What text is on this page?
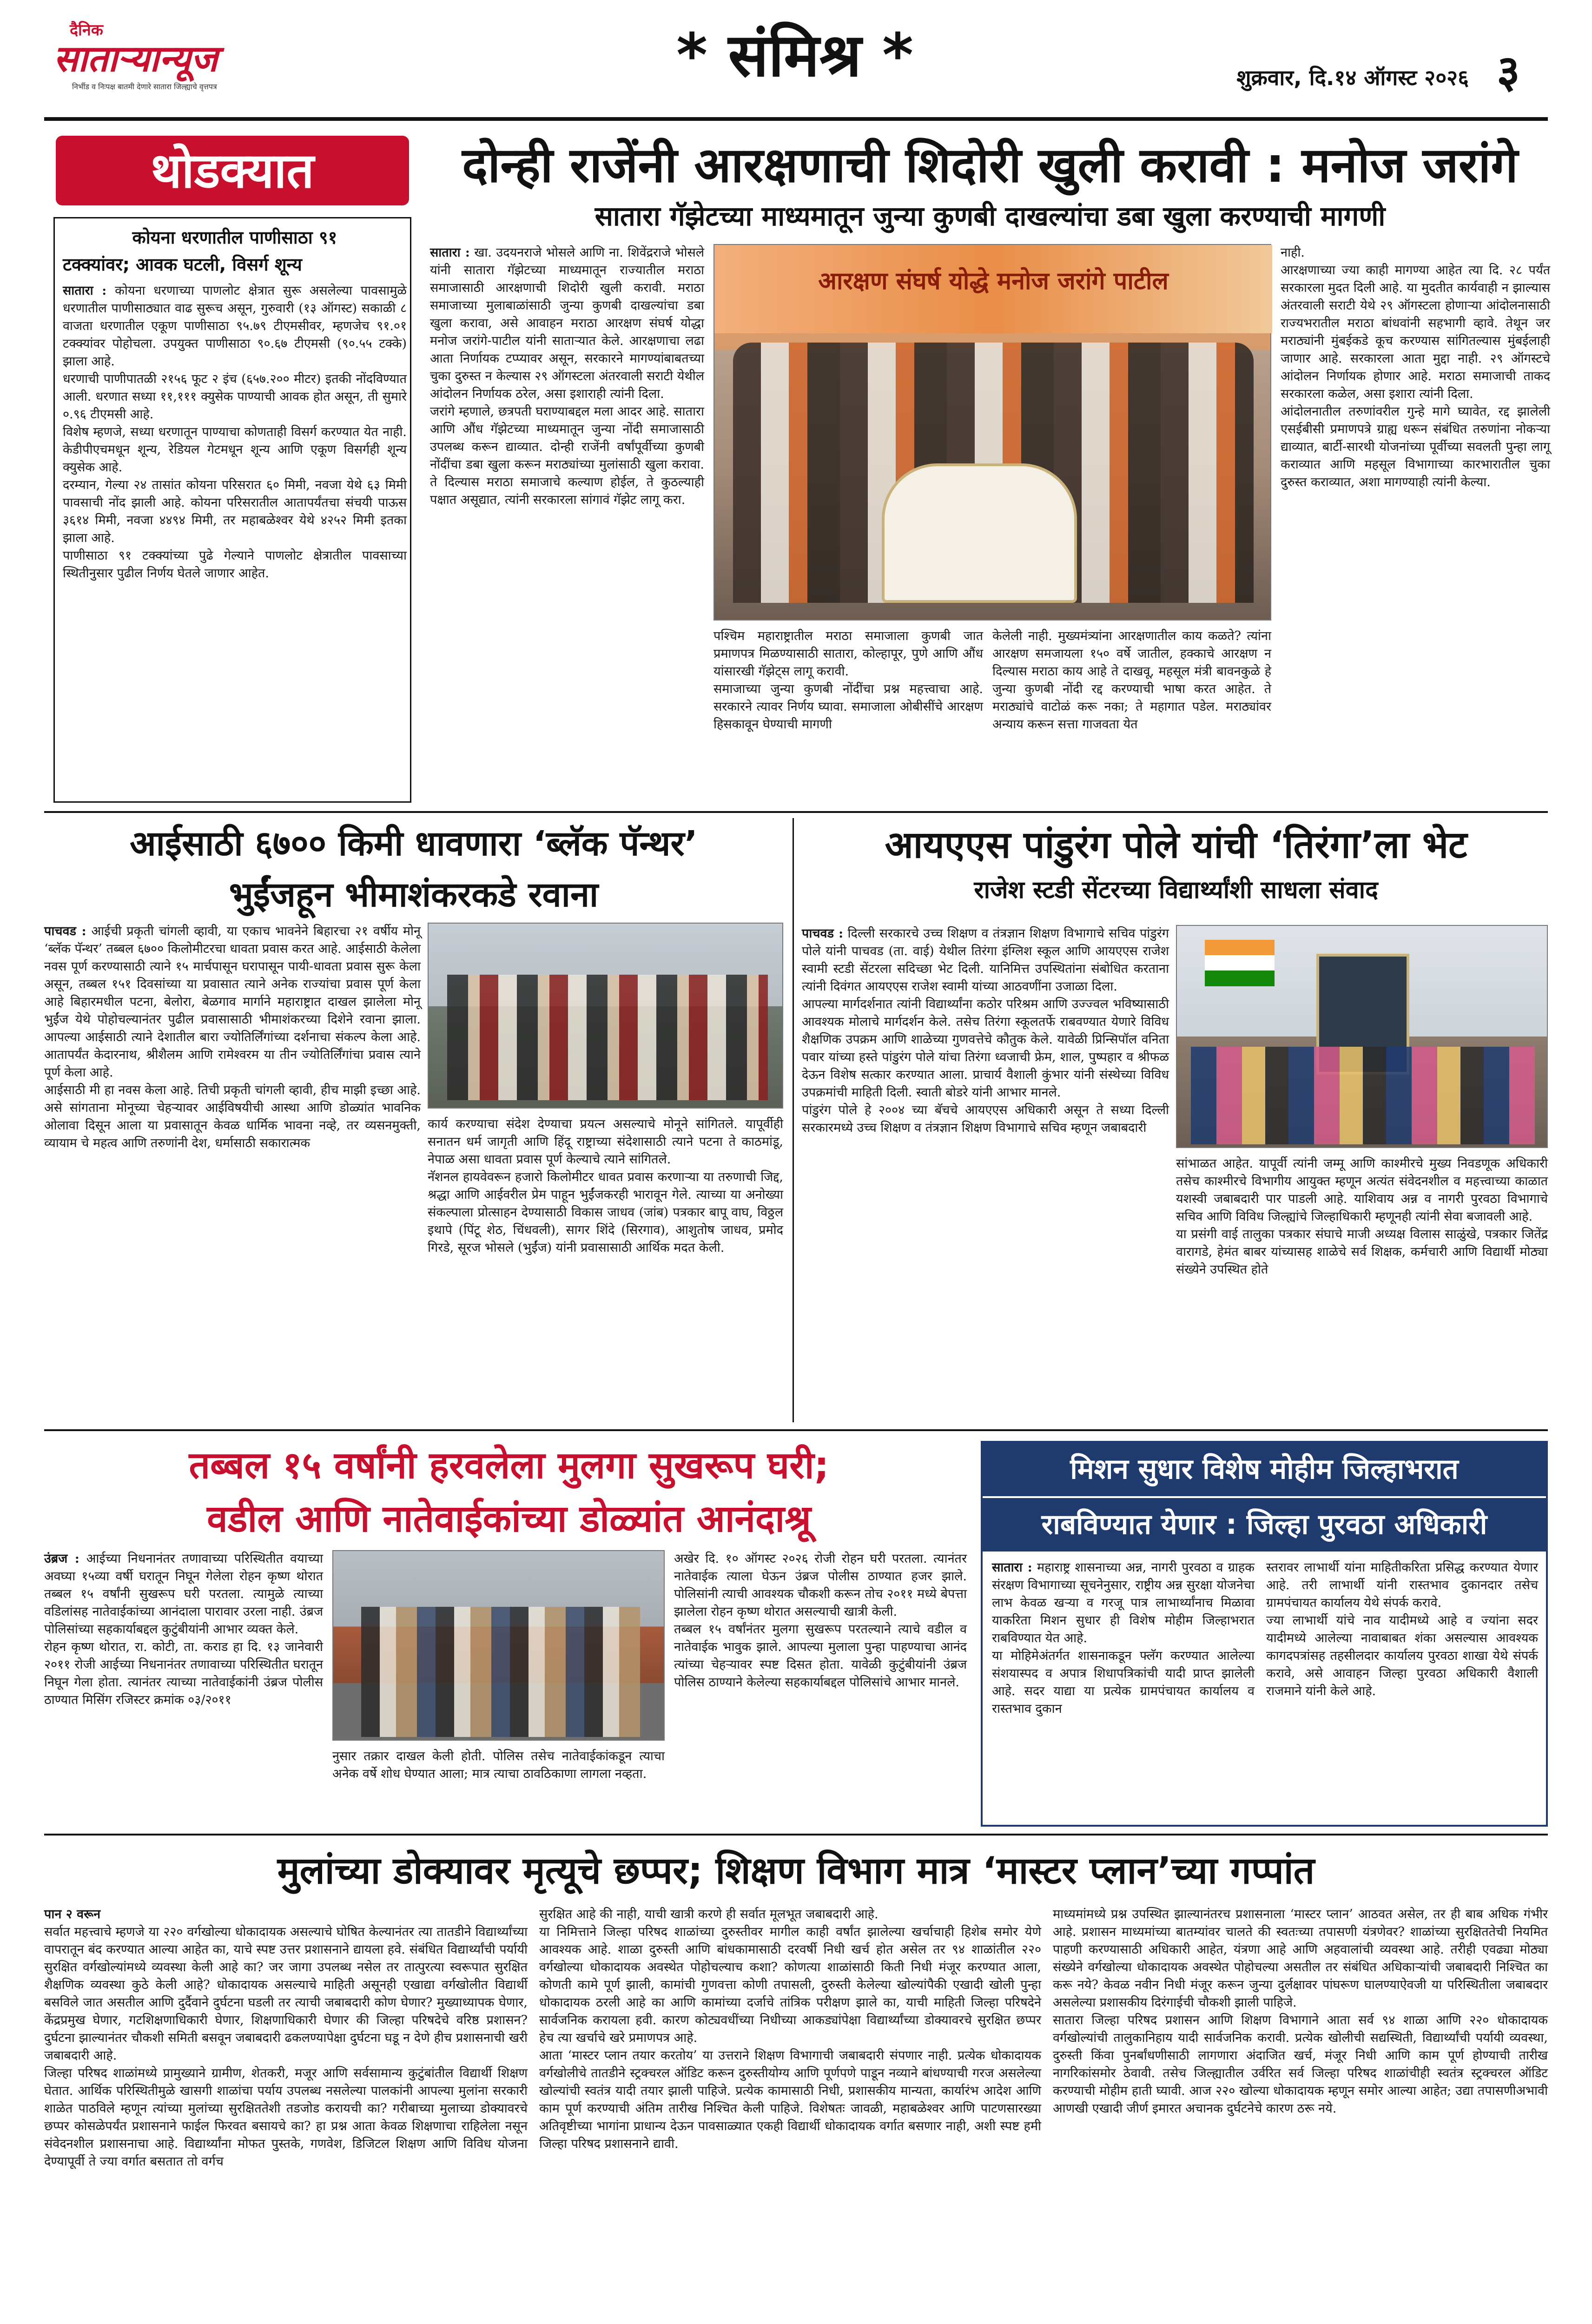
दैनिक
साताऱ्यान्यूज
निर्भीड व निःपक्ष बातमी देणारे सातारा जिल्ह्याचे वृत्तपत्र	* संमिश्र *	शुक्रवार, दि.१४ ऑगस्ट २०२६ ३
थोडक्यात
कोयना धरणातील पाणीसाठा ९१
टक्क्यांवर; आवक घटली, विसर्ग शून्य
सातारा : कोयना धरणाच्या पाणलोट क्षेत्रात सुरू असलेल्या पावसामुळे धरणातील पाणीसाठ्यात वाढ सुरूच असून, गुरुवारी (१३ ऑगस्ट) सकाळी ८ वाजता धरणातील एकूण पाणीसाठा ९५.७९ टीएमसीवर, म्हणजेच ९१.०१ टक्क्यांवर पोहोचला. उपयुक्त पाणीसाठा ९०.६७ टीएमसी (९०.५५ टक्के) झाला आहे.
धरणाची पाणीपातळी २१५६ फूट २ इंच (६५७.२०० मीटर) इतकी नोंदविण्यात आली. धरणात सध्या ११,१११ क्युसेक पाण्याची आवक होत असून, ती सुमारे ०.९६ टीएमसी आहे.
विशेष म्हणजे, सध्या धरणातून पाण्याचा कोणताही विसर्ग करण्यात येत नाही. केडीपीएचमधून शून्य, रेडियल गेटमधून शून्य आणि एकूण विसर्गही शून्य क्युसेक आहे.
दरम्यान, गेल्या २४ तासांत कोयना परिसरात ६० मिमी, नवजा येथे ६३ मिमी पावसाची नोंद झाली आहे. कोयना परिसरातील आतापर्यंतचा संचयी पाऊस ३६१४ मिमी, नवजा ४४९४ मिमी, तर महाबळेश्वर येथे ४२५२ मिमी इतका झाला आहे.
पाणीसाठा ९१ टक्क्यांच्या पुढे गेल्याने पाणलोट क्षेत्रातील पावसाच्या स्थितीनुसार पुढील निर्णय घेतले जाणार आहेत.
दोन्ही राजेंनी आरक्षणाची शिदोरी खुली करावी : मनोज जरांगे
सातारा गॅझेटच्या माध्यमातून जुन्या कुणबी दाखल्यांचा डबा खुला करण्याची मागणी
सातारा : खा. उदयनराजे भोसले आणि ना. शिवेंद्रराजे भोसले यांनी सातारा गॅझेटच्या माध्यमातून राज्यातील मराठा समाजासाठी आरक्षणाची शिदोरी खुली करावी. मराठा समाजाच्या मुलाबाळांसाठी जुन्या कुणबी दाखल्यांचा डबा खुला करावा, असे आवाहन मराठा आरक्षण संघर्ष योद्धा मनोज जरांगे-पाटील यांनी साताऱ्यात केले. आरक्षणाचा लढा आता निर्णायक टप्प्यावर असून, सरकारने मागण्यांबाबतच्या चुका दुरुस्त न केल्यास २९ ऑगस्टला अंतरवाली सराटी येथील आंदोलन निर्णायक ठरेल, असा इशाराही त्यांनी दिला.
जरांगे म्हणाले, छत्रपती घराण्याबद्दल मला आदर आहे. सातारा आणि औंध गॅझेटच्या माध्यमातून जुन्या नोंदी समाजासाठी उपलब्ध करून द्याव्यात. दोन्ही राजेंनी वर्षांपूर्वीच्या कुणबी नोंदींचा डबा खुला करून मराठ्यांच्या मुलांसाठी खुला करावा. ते दिल्यास मराठा समाजाचे कल्याण होईल, ते कुठल्याही पक्षात असूद्यात, त्यांनी सरकारला सांगावं गॅझेट लागू करा.
आरक्षण संघर्ष योद्धे मनोज जरांगे पाटील
पश्चिम महाराष्ट्रातील मराठा समाजाला कुणबी जात प्रमाणपत्र मिळण्यासाठी सातारा, कोल्हापूर, पुणे आणि औंध यांसारखी गॅझेट्स लागू करावी.
समाजाच्या जुन्या कुणबी नोंदींचा प्रश्न महत्त्वाचा आहे. सरकारने त्यावर निर्णय घ्यावा. समाजाला ओबीसींचे आरक्षण हिसकावून घेण्याची मागणी
केलेली नाही. मुख्यमंत्र्यांना आरक्षणातील काय कळते? त्यांना आरक्षण समजायला १५० वर्षे जातील, हक्काचे आरक्षण न दिल्यास मराठा काय आहे ते दाखवू, महसूल मंत्री बावनकुळे हे जुन्या कुणबी नोंदी रद्द करण्याची भाषा करत आहेत. ते मराठ्यांचे वाटोळं करू नका; ते महागात पडेल. मराठ्यांवर अन्याय करून सत्ता गाजवता येत
नाही.
आरक्षणाच्या ज्या काही मागण्या आहेत त्या दि. २८ पर्यंत सरकारला मुदत दिली आहे. या मुदतीत कार्यवाही न झाल्यास अंतरवाली सराटी येथे २९ ऑगस्टला होणाऱ्या आंदोलनासाठी राज्यभरातील मराठा बांधवांनी सहभागी व्हावे. तेथून जर मराठ्यांनी मुंबईकडे कूच करण्यास सांगितल्यास मुंबईलाही जाणार आहे. सरकारला आता मुद्दा नाही. २९ ऑगस्टचे आंदोलन निर्णायक होणार आहे. मराठा समाजाची ताकद सरकारला कळेल, असा इशारा त्यांनी दिला.
आंदोलनातील तरुणांवरील गुन्हे मागे घ्यावेत, रद्द झालेली एसईबीसी प्रमाणपत्रे ग्राह्य धरून संबंधित तरुणांना नोकऱ्या द्याव्यात, बार्टी-सारथी योजनांच्या पूर्वीच्या सवलती पुन्हा लागू कराव्यात आणि महसूल विभागाच्या कारभारातील चुका दुरुस्त कराव्यात, अशा मागण्याही त्यांनी केल्या.
आईसाठी ६७०० किमी धावणारा ‘ब्लॅक पॅन्थर’
भुईंजहून भीमाशंकरकडे रवाना
पाचवड : आईची प्रकृती चांगली व्हावी, या एकाच भावनेने बिहारचा २१ वर्षीय मोनू ‘ब्लॅक पॅन्थर’ तब्बल ६७०० किलोमीटरचा धावता प्रवास करत आहे. आईसाठी केलेला नवस पूर्ण करण्यासाठी त्याने १५ मार्चपासून घरापासून पायी-धावता प्रवास सुरू केला असून, तब्बल १५१ दिवसांच्या या प्रवासात त्याने अनेक राज्यांचा प्रवास पूर्ण केला आहे बिहारमधील पटना, बेलोरा, बेळगाव मार्गाने महाराष्ट्रात दाखल झालेला मोनू भुईंज येथे पोहोचल्यानंतर पुढील प्रवासासाठी भीमाशंकरच्या दिशेने रवाना झाला. आपल्या आईसाठी त्याने देशातील बारा ज्योतिर्लिंगांच्या दर्शनाचा संकल्प केला आहे. आतापर्यंत केदारनाथ, श्रीशैलम आणि रामेश्वरम या तीन ज्योतिर्लिंगांचा प्रवास त्याने पूर्ण केला आहे.
आईसाठी मी हा नवस केला आहे. तिची प्रकृती चांगली व्हावी, हीच माझी इच्छा आहे. असे सांगताना मोनूच्या चेहऱ्यावर आईविषयीची आस्था आणि डोळ्यांत भावनिक ओलावा दिसून आला या प्रवासातून केवळ धार्मिक भावना नव्हे, तर व्यसनमुक्ती, व्यायाम चे महत्व आणि तरुणांनी देश, धर्मासाठी सकारात्मक
कार्य करण्याचा संदेश देण्याचा प्रयत्न असल्याचे मोनूने सांगितले. यापूर्वीही सनातन धर्म जागृती आणि हिंदू राष्ट्राच्या संदेशासाठी त्याने पटना ते काठमांडू, नेपाळ असा धावता प्रवास पूर्ण केल्याचे त्याने सांगितले.
नॅशनल हायवेवरून हजारो किलोमीटर धावत प्रवास करणाऱ्या या तरुणाची जिद्द, श्रद्धा आणि आईवरील प्रेम पाहून भुईंजकरही भारावून गेले. त्याच्या या अनोख्या संकल्पाला प्रोत्साहन देण्यासाठी विकास जाधव (जांब) पत्रकार बापू वाघ, विठ्ठल इथापे (पिंटू शेठ, चिंधवली), सागर शिंदे (सिरगाव), आशुतोष जाधव, प्रमोद गिरडे, सूरज भोसले (भुईंज) यांनी प्रवासासाठी आर्थिक मदत केली.
आयएएस पांडुरंग पोले यांची ‘तिरंगा’ला भेट
राजेश स्टडी सेंटरच्या विद्यार्थ्यांशी साधला संवाद
पाचवड : दिल्ली सरकारचे उच्च शिक्षण व तंत्रज्ञान शिक्षण विभागाचे सचिव पांडुरंग पोले यांनी पाचवड (ता. वाई) येथील तिरंगा इंग्लिश स्कूल आणि आयएएस राजेश स्वामी स्टडी सेंटरला सदिच्छा भेट दिली. यानिमित्त उपस्थितांना संबोधित करताना त्यांनी दिवंगत आयएएस राजेश स्वामी यांच्या आठवणींना उजाळा दिला.
आपल्या मार्गदर्शनात त्यांनी विद्यार्थ्यांना कठोर परिश्रम आणि उज्ज्वल भविष्यासाठी आवश्यक मोलाचे मार्गदर्शन केले. तसेच तिरंगा स्कूलतर्फे राबवण्यात येणारे विविध शैक्षणिक उपक्रम आणि शाळेच्या गुणवत्तेचे कौतुक केले. यावेळी प्रिन्सिपॉल वनिता पवार यांच्या हस्ते पांडुरंग पोले यांचा तिरंगा ध्वजाची फ्रेम, शाल, पुष्पहार व श्रीफळ देऊन विशेष सत्कार करण्यात आला. प्राचार्य वैशाली कुंभार यांनी संस्थेच्या विविध उपक्रमांची माहिती दिली. स्वाती बोडरे यांनी आभार मानले.
पांडुरंग पोले हे २००४ च्या बॅचचे आयएएस अधिकारी असून ते सध्या दिल्ली सरकारमध्ये उच्च शिक्षण व तंत्रज्ञान शिक्षण विभागाचे सचिव म्हणून जबाबदारी
सांभाळत आहेत. यापूर्वी त्यांनी जम्मू आणि काश्मीरचे मुख्य निवडणूक अधिकारी तसेच काश्मीरचे विभागीय आयुक्त म्हणून अत्यंत संवेदनशील व महत्त्वाच्या काळात यशस्वी जबाबदारी पार पाडली आहे. याशिवाय अन्न व नागरी पुरवठा विभागाचे सचिव आणि विविध जिल्ह्यांचे जिल्हाधिकारी म्हणूनही त्यांनी सेवा बजावली आहे.
या प्रसंगी वाई तालुका पत्रकार संघाचे माजी अध्यक्ष विलास साळुंखे, पत्रकार जितेंद्र वारागडे, हेमंत बाबर यांच्यासह शाळेचे सर्व शिक्षक, कर्मचारी आणि विद्यार्थी मोठ्या संख्येने उपस्थित होते
तब्बल १५ वर्षांनी हरवलेला मुलगा सुखरूप घरी;
वडील आणि नातेवाईकांच्या डोळ्यांत आनंदाश्रू
उंब्रज : आईच्या निधनानंतर तणावाच्या परिस्थितीत वयाच्या अवघ्या १५व्या वर्षी घरातून निघून गेलेला रोहन कृष्ण थोरात तब्बल १५ वर्षांनी सुखरूप घरी परतला. त्यामुळे त्याच्या वडिलांसह नातेवाईकांच्या आनंदाला पारावार उरला नाही. उंब्रज पोलिसांच्या सहकार्याबद्दल कुटुंबीयांनी आभार व्यक्त केले.
रोहन कृष्ण थोरात, रा. कोटी, ता. कराड हा दि. १३ जानेवारी २०११ रोजी आईच्या निधनानंतर तणावाच्या परिस्थितीत घरातून निघून गेला होता. त्यानंतर त्याच्या नातेवाईकांनी उंब्रज पोलीस ठाण्यात मिसिंग रजिस्टर क्रमांक ०३/२०११
नुसार तक्रार दाखल केली होती. पोलिस तसेच नातेवाईकांकडून त्याचा अनेक वर्षे शोध घेण्यात आला; मात्र त्याचा ठावठिकाणा लागला नव्हता.
अखेर दि. १० ऑगस्ट २०२६ रोजी रोहन घरी परतला. त्यानंतर नातेवाईक त्याला घेऊन उंब्रज पोलीस ठाण्यात हजर झाले. पोलिसांनी त्याची आवश्यक चौकशी करून तोच २०११ मध्ये बेपत्ता झालेला रोहन कृष्ण थोरात असल्याची खात्री केली.
तब्बल १५ वर्षांनंतर मुलगा सुखरूप परतल्याने त्याचे वडील व नातेवाईक भावुक झाले. आपल्या मुलाला पुन्हा पाहण्याचा आनंद त्यांच्या चेहऱ्यावर स्पष्ट दिसत होता. यावेळी कुटुंबीयांनी उंब्रज पोलिस ठाण्याने केलेल्या सहकार्याबद्दल पोलिसांचे आभार मानले.
मिशन सुधार विशेष मोहीम जिल्हाभरात
राबविण्यात येणार : जिल्हा पुरवठा अधिकारी
सातारा : महाराष्ट्र शासनाच्या अन्न, नागरी पुरवठा व ग्राहक संरक्षण विभागाच्या सूचनेनुसार, राष्ट्रीय अन्न सुरक्षा योजनेचा लाभ केवळ खऱ्या व गरजू पात्र लाभार्थ्यांनाच मिळावा याकरिता मिशन सुधार ही विशेष मोहीम जिल्हाभरात राबविण्यात येत आहे.
या मोहिमेअंतर्गत शासनाकडून फ्लॅग करण्यात आलेल्या संशयास्पद व अपात्र शिधापत्रिकांची यादी प्राप्त झालेली आहे. सदर याद्या या प्रत्येक ग्रामपंचायत कार्यालय व रास्तभाव दुकान
स्तरावर लाभार्थी यांना माहितीकरिता प्रसिद्ध करण्यात येणार आहे. तरी लाभार्थी यांनी रास्तभाव दुकानदार तसेच ग्रामपंचायत कार्यालय येथे संपर्क करावे.
ज्या लाभार्थी यांचे नाव यादीमध्ये आहे व ज्यांना सदर यादीमध्ये आलेल्या नावाबाबत शंका असल्यास आवश्यक कागदपत्रांसह तहसीलदार कार्यालय पुरवठा शाखा येथे संपर्क करावे, असे आवाहन जिल्हा पुरवठा अधिकारी वैशाली राजमाने यांनी केले आहे.
मुलांच्या डोक्यावर मृत्यूचे छप्पर; शिक्षण विभाग मात्र ‘मास्टर प्लान’च्या गप्पांत
पान २ वरून
सर्वात महत्त्वाचे म्हणजे या २२० वर्गखोल्या धोकादायक असल्याचे घोषित केल्यानंतर त्या तातडीने विद्यार्थ्यांच्या वापरातून बंद करण्यात आल्या आहेत का, याचे स्पष्ट उत्तर प्रशासनाने द्यायला हवे. संबंधित विद्यार्थ्यांची पर्यायी सुरक्षित वर्गखोल्यांमध्ये व्यवस्था केली आहे का? जर जागा उपलब्ध नसेल तर तात्पुरत्या स्वरूपात सुरक्षित शैक्षणिक व्यवस्था कुठे केली आहे? धोकादायक असल्याचे माहिती असूनही एखाद्या वर्गखोलीत विद्यार्थी बसविले जात असतील आणि दुर्दैवाने दुर्घटना घडली तर त्याची जबाबदारी कोण घेणार? मुख्याध्यापक घेणार, केंद्रप्रमुख घेणार, गटशिक्षणाधिकारी घेणार, शिक्षणाधिकारी घेणार की जिल्हा परिषदेचे वरिष्ठ प्रशासन? दुर्घटना झाल्यानंतर चौकशी समिती बसवून जबाबदारी ढकलण्यापेक्षा दुर्घटना घडू न देणे हीच प्रशासनाची खरी जबाबदारी आहे.
जिल्हा परिषद शाळांमध्ये प्रामुख्याने ग्रामीण, शेतकरी, मजूर आणि सर्वसामान्य कुटुंबांतील विद्यार्थी शिक्षण घेतात. आर्थिक परिस्थितीमुळे खासगी शाळांचा पर्याय उपलब्ध नसलेल्या पालकांनी आपल्या मुलांना सरकारी शाळेत पाठविले म्हणून त्यांच्या मुलांच्या सुरक्षिततेशी तडजोड करायची का? गरीबाच्या मुलाच्या डोक्यावरचे छप्पर कोसळेपर्यंत प्रशासनाने फाईल फिरवत बसायचे का? हा प्रश्न आता केवळ शिक्षणाचा राहिलेला नसून संवेदनशील प्रशासनाचा आहे. विद्यार्थ्यांना मोफत पुस्तके, गणवेश, डिजिटल शिक्षण आणि विविध योजना देण्यापूर्वी ते ज्या वर्गात बसतात तो वर्गच
सुरक्षित आहे की नाही, याची खात्री करणे ही सर्वात मूलभूत जबाबदारी आहे.
या निमित्ताने जिल्हा परिषद शाळांच्या दुरुस्तीवर मागील काही वर्षांत झालेल्या खर्चाचाही हिशेब समोर येणे आवश्यक आहे. शाळा दुरुस्ती आणि बांधकामासाठी दरवर्षी निधी खर्च होत असेल तर ९४ शाळांतील २२० वर्गखोल्या धोकादायक अवस्थेत पोहोचल्याच कशा? कोणत्या शाळांसाठी किती निधी मंजूर करण्यात आला, कोणती कामे पूर्ण झाली, कामांची गुणवत्ता कोणी तपासली, दुरुस्ती केलेल्या खोल्यांपैकी एखादी खोली पुन्हा धोकादायक ठरली आहे का आणि कामांच्या दर्जाचे तांत्रिक परीक्षण झाले का, याची माहिती जिल्हा परिषदेने सार्वजनिक करायला हवी. कारण कोट्यवधींच्या निधीच्या आकड्यांपेक्षा विद्यार्थ्यांच्या डोक्यावरचे सुरक्षित छप्पर हेच त्या खर्चाचे खरे प्रमाणपत्र आहे.
आता ‘मास्टर प्लान तयार करतोय’ या उत्तराने शिक्षण विभागाची जबाबदारी संपणार नाही. प्रत्येक धोकादायक वर्गखोलीचे तातडीने स्ट्रक्चरल ऑडिट करून दुरुस्तीयोग्य आणि पूर्णपणे पाडून नव्याने बांधण्याची गरज असलेल्या खोल्यांची स्वतंत्र यादी तयार झाली पाहिजे. प्रत्येक कामासाठी निधी, प्रशासकीय मान्यता, कार्यारंभ आदेश आणि काम पूर्ण करण्याची अंतिम तारीख निश्चित केली पाहिजे. विशेषतः जावळी, महाबळेश्वर आणि पाटणसारख्या अतिवृष्टीच्या भागांना प्राधान्य देऊन पावसाळ्यात एकही विद्यार्थी धोकादायक वर्गात बसणार नाही, अशी स्पष्ट हमी जिल्हा परिषद प्रशासनाने द्यावी.
माध्यमांमध्ये प्रश्न उपस्थित झाल्यानंतरच प्रशासनाला ‘मास्टर प्लान’ आठवत असेल, तर ही बाब अधिक गंभीर आहे. प्रशासन माध्यमांच्या बातम्यांवर चालते की स्वतःच्या तपासणी यंत्रणेवर? शाळांच्या सुरक्षिततेची नियमित पाहणी करण्यासाठी अधिकारी आहेत, यंत्रणा आहे आणि अहवालांची व्यवस्था आहे. तरीही एवढ्या मोठ्या संख्येने वर्गखोल्या धोकादायक अवस्थेत पोहोचल्या असतील तर संबंधित अधिकाऱ्यांची जबाबदारी निश्चित का करू नये? केवळ नवीन निधी मंजूर करून जुन्या दुर्लक्षावर पांघरूण घालण्याऐवजी या परिस्थितीला जबाबदार असलेल्या प्रशासकीय दिरंगाईची चौकशी झाली पाहिजे.
सातारा जिल्हा परिषद प्रशासन आणि शिक्षण विभागाने आता सर्व ९४ शाळा आणि २२० धोकादायक वर्गखोल्यांची तालुकानिहाय यादी सार्वजनिक करावी. प्रत्येक खोलीची सद्यस्थिती, विद्यार्थ्यांची पर्यायी व्यवस्था, दुरुस्ती किंवा पुनर्बांधणीसाठी लागणारा अंदाजित खर्च, मंजूर निधी आणि काम पूर्ण होण्याची तारीख नागरिकांसमोर ठेवावी. तसेच जिल्ह्यातील उर्वरित सर्व जिल्हा परिषद शाळांचीही स्वतंत्र स्ट्रक्चरल ऑडिट करण्याची मोहीम हाती घ्यावी. आज २२० खोल्या धोकादायक म्हणून समोर आल्या आहेत; उद्या तपासणीअभावी आणखी एखादी जीर्ण इमारत अचानक दुर्घटनेचे कारण ठरू नये.
